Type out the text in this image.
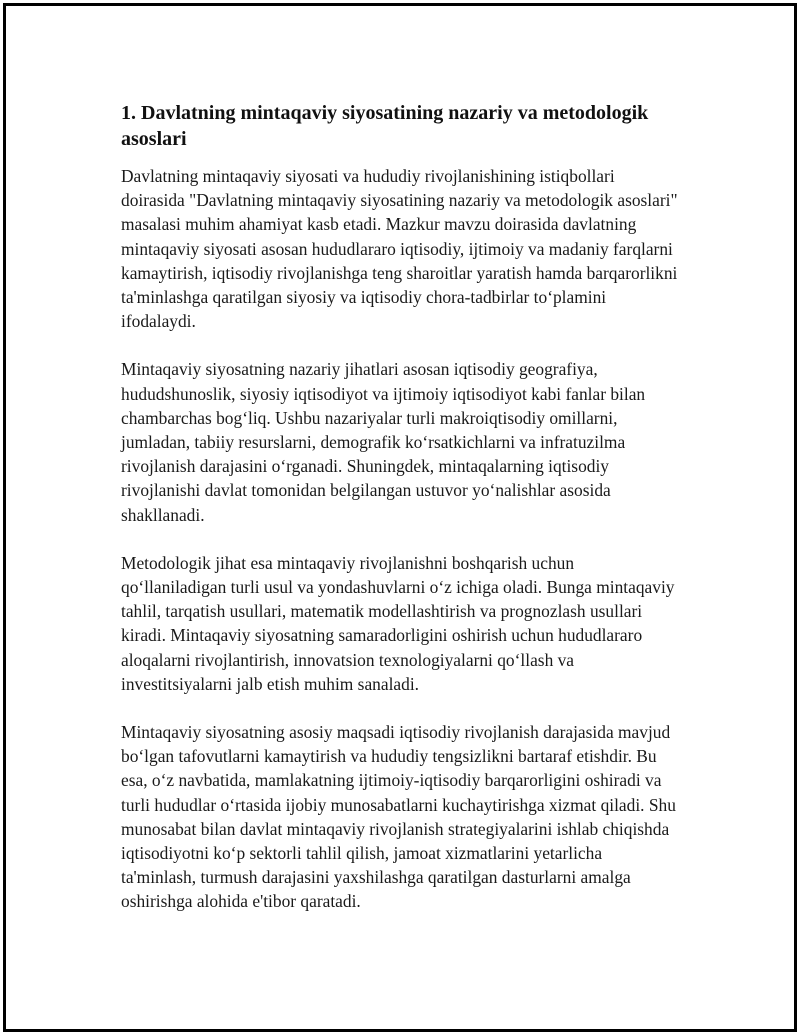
1. Davlatning mintaqaviy siyosatining nazariy va metodologik asoslari

Davlatning mintaqaviy siyosati va hududiy rivojlanishining istiqbollari doirasida "Davlatning mintaqaviy siyosatining nazariy va metodologik asoslari" masalasi muhim ahamiyat kasb etadi. Mazkur mavzu doirasida davlatning mintaqaviy siyosati asosan hududlararo iqtisodiy, ijtimoiy va madaniy farqlarni kamaytirish, iqtisodiy rivojlanishga teng sharoitlar yaratish hamda barqarorlikni ta'minlashga qaratilgan siyosiy va iqtisodiy chora-tadbirlar to‘plamini ifodalaydi.

Mintaqaviy siyosatning nazariy jihatlari asosan iqtisodiy geografiya, hududshunoslik, siyosiy iqtisodiyot va ijtimoiy iqtisodiyot kabi fanlar bilan chambarchas bog‘liq. Ushbu nazariyalar turli makroiqtisodiy omillarni, jumladan, tabiiy resurslarni, demografik ko‘rsatkichlarni va infratuzilma rivojlanish darajasini o‘rganadi. Shuningdek, mintaqalarning iqtisodiy rivojlanishi davlat tomonidan belgilangan ustuvor yo‘nalishlar asosida shakllanadi.

Metodologik jihat esa mintaqaviy rivojlanishni boshqarish uchun qo‘llaniladigan turli usul va yondashuvlarni o‘z ichiga oladi. Bunga mintaqaviy tahlil, tarqatish usullari, matematik modellashtirish va prognozlash usullari kiradi. Mintaqaviy siyosatning samaradorligini oshirish uchun hududlararo aloqalarni rivojlantirish, innovatsion texnologiyalarni qo‘llash va investitsiyalarni jalb etish muhim sanaladi.

Mintaqaviy siyosatning asosiy maqsadi iqtisodiy rivojlanish darajasida mavjud bo‘lgan tafovutlarni kamaytirish va hududiy tengsizlikni bartaraf etishdir. Bu esa, o‘z navbatida, mamlakatning ijtimoiy-iqtisodiy barqarorligini oshiradi va turli hududlar o‘rtasida ijobiy munosabatlarni kuchaytirishga xizmat qiladi. Shu munosabat bilan davlat mintaqaviy rivojlanish strategiyalarini ishlab chiqishda iqtisodiyotni ko‘p sektorli tahlil qilish, jamoat xizmatlarini yetarlicha ta'minlash, turmush darajasini yaxshilashga qaratilgan dasturlarni amalga oshirishga alohida e'tibor qaratadi.
